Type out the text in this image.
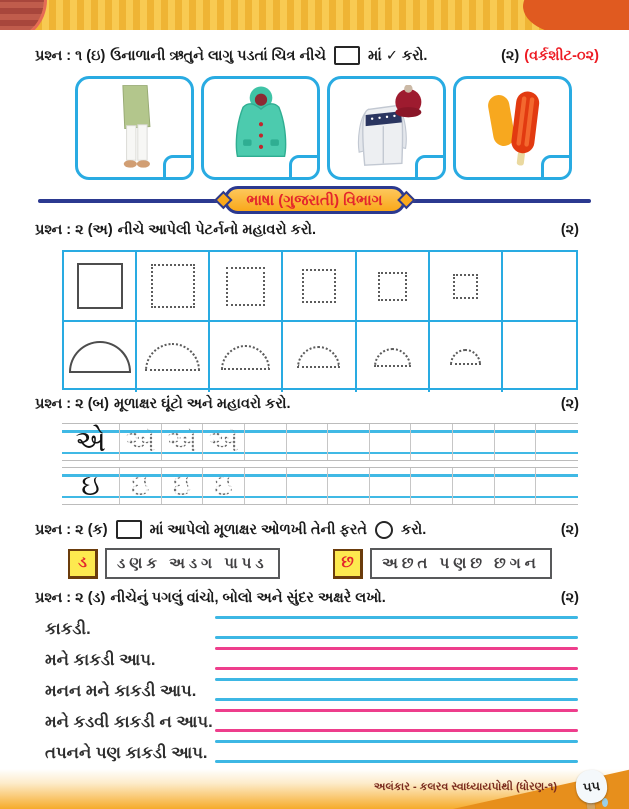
પ્રશ્ન : ૧ (ઇ) ઉનાળાની ઋતુને લાગુ પડતાં ચિત્ર નીચે	માં ✓ કરો.	(૨) (વર્કશીટ-૦૨)
ભાષા (ગુજરાતી) વિભાગ
પ્રશ્ન : ૨ (અ) નીચે આપેલી પેટર્નનો મહાવરો કરો.	(૨)
પ્રશ્ન : ૨ (બ) મૂળાક્ષર ઘૂંટો અને મહાવરો કરો.	(૨)
એ એ એ એ
ઇ ઇ ઇ ઇ
પ્રશ્ન : ૨ (ક)	માં આપેલો મૂળાક્ષર ઓળખી તેની ફરતે કરો.	(૨)
ડ	ડણક અડગ પાપડ	છ	અછત પણછ છગન
પ્રશ્ન : ૨ (ડ) નીચેનું પગલું વાંચો, બોલો અને સુંદર અક્ષરે લખો.	(૨)
કાકડી.
મને કાકડી આપ.
મનન મને કાકડી આપ.
મને કડવી કાકડી ન આપ.
તપનને પણ કાકડી આપ.
અલંકાર - કલરવ સ્વાધ્યાયપોથી (ધોરણ-૧)	૫૫
